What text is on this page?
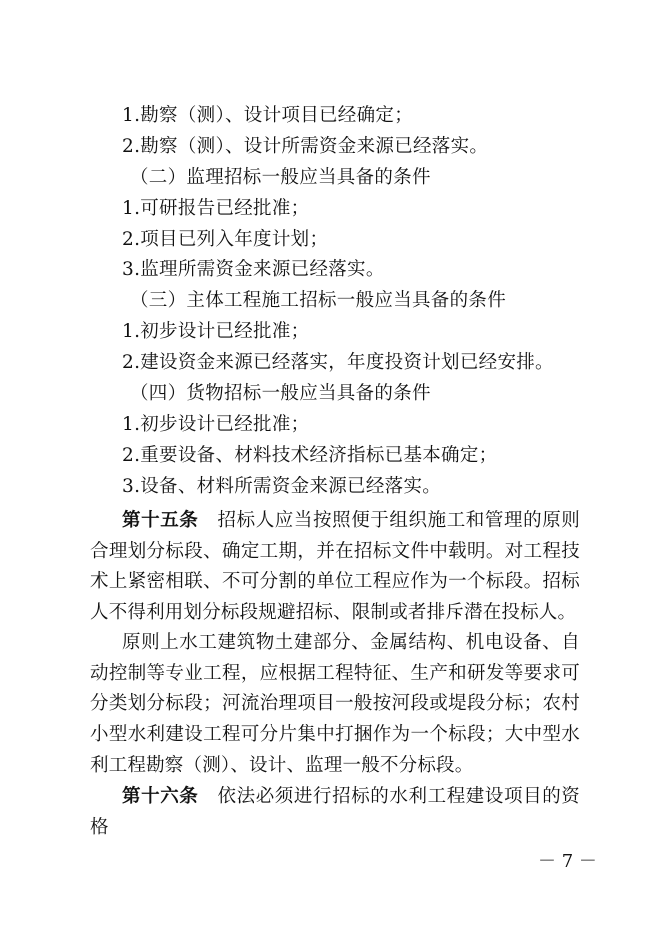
1.勘察（测）、设计项目已经确定；
2.勘察（测）、设计所需资金来源已经落实。
（二）监理招标一般应当具备的条件
1.可研报告已经批准；
2.项目已列入年度计划；
3.监理所需资金来源已经落实。
（三）主体工程施工招标一般应当具备的条件
1.初步设计已经批准；
2.建设资金来源已经落实，年度投资计划已经安排。
（四）货物招标一般应当具备的条件
1.初步设计已经批准；
2.重要设备、材料技术经济指标已基本确定；
3.设备、材料所需资金来源已经落实。
第十五条  招标人应当按照便于组织施工和管理的原则合理划分标段、确定工期，并在招标文件中载明。对工程技术上紧密相联、不可分割的单位工程应作为一个标段。招标人不得利用划分标段规避招标、限制或者排斥潜在投标人。
原则上水工建筑物土建部分、金属结构、机电设备、自动控制等专业工程，应根据工程特征、生产和研发等要求可分类划分标段；河流治理项目一般按河段或堤段分标；农村小型水利建设工程可分片集中打捆作为一个标段；大中型水利工程勘察（测）、设计、监理一般不分标段。
第十六条  依法必须进行招标的水利工程建设项目的资格
－ 7 －
